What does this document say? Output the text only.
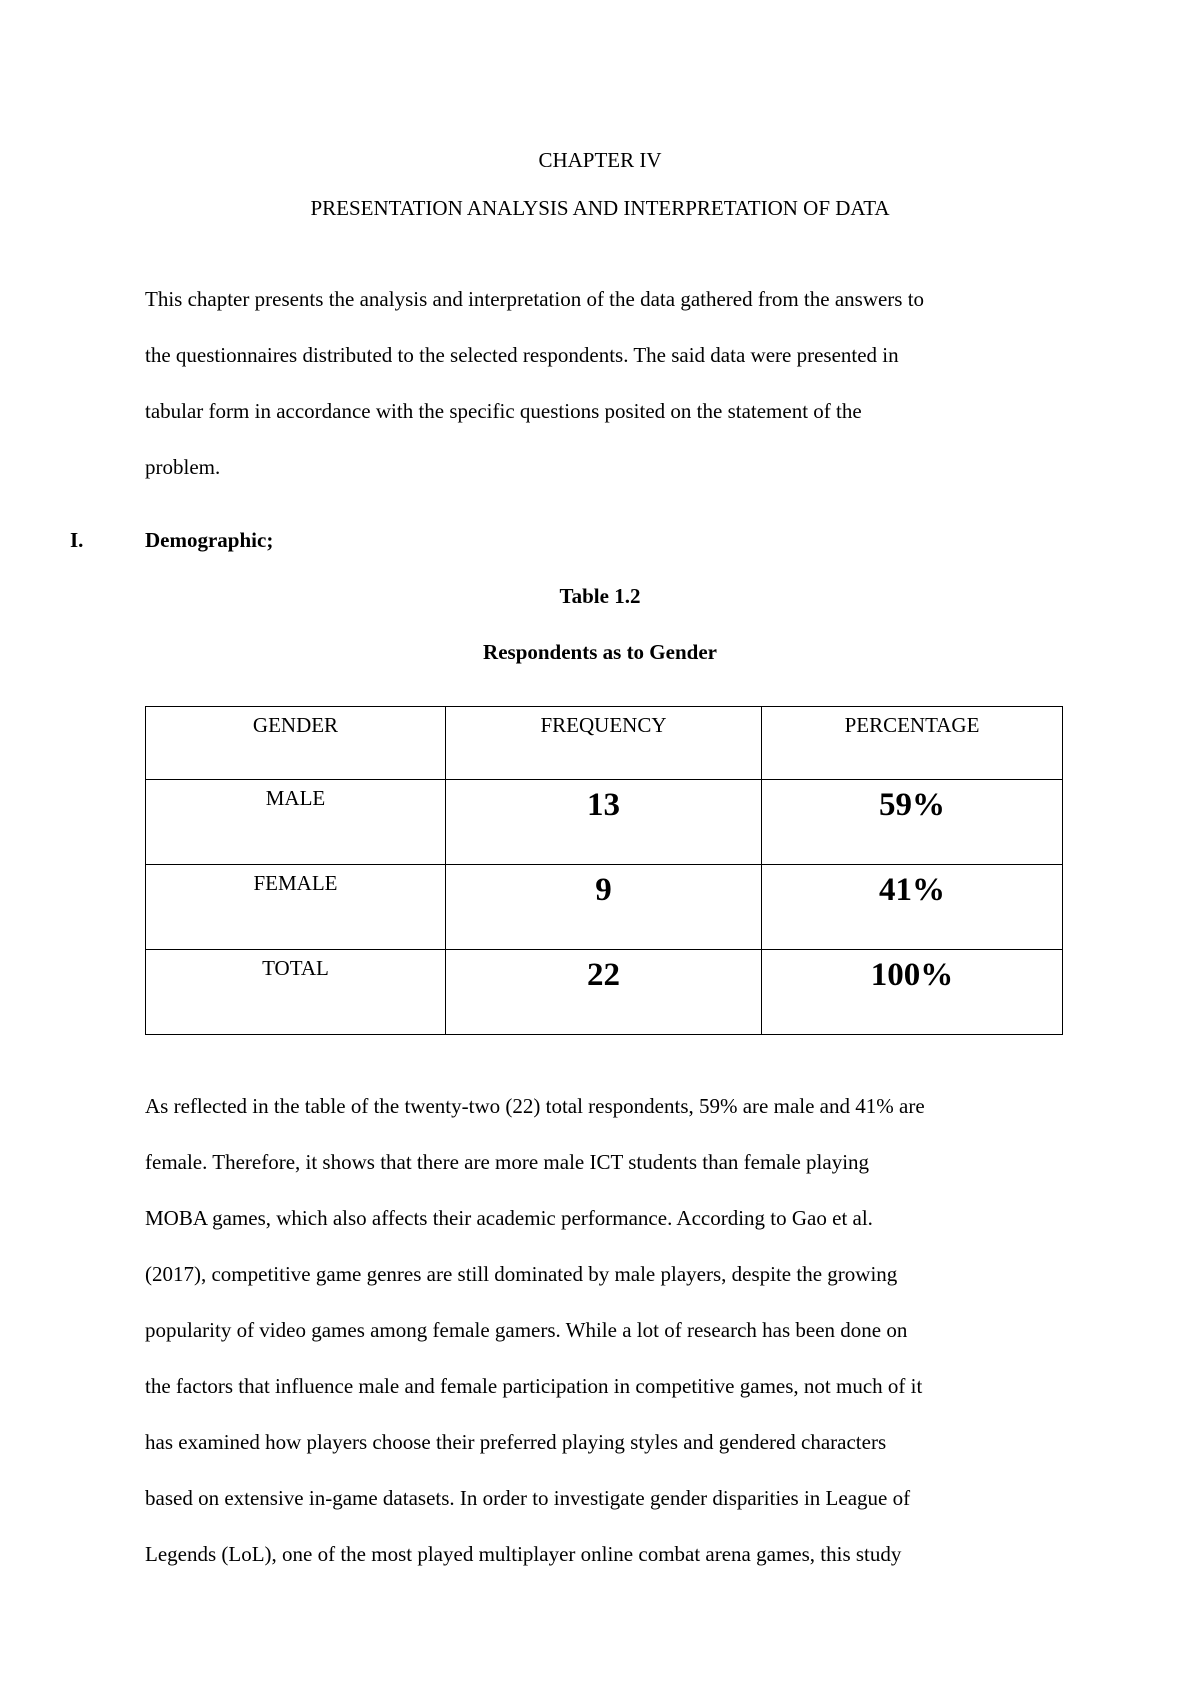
CHAPTER IV
PRESENTATION ANALYSIS AND INTERPRETATION OF DATA
This chapter presents the analysis and interpretation of the data gathered from the answers to
the questionnaires distributed to the selected respondents. The said data were presented in
tabular form in accordance with the specific questions posited on the statement of the
problem.
I.	Demographic;
Table 1.2
Respondents as to Gender
GENDER	FREQUENCY	PERCENTAGE

MALE	13	59%

FEMALE	9	41%

TOTAL	22	100%
As reflected in the table of the twenty-two (22) total respondents, 59% are male and 41% are
female. Therefore, it shows that there are more male ICT students than female playing
MOBA games, which also affects their academic performance. According to Gao et al.
(2017), competitive game genres are still dominated by male players, despite the growing
popularity of video games among female gamers. While a lot of research has been done on
the factors that influence male and female participation in competitive games, not much of it
has examined how players choose their preferred playing styles and gendered characters
based on extensive in-game datasets. In order to investigate gender disparities in League of
Legends (LoL), one of the most played multiplayer online combat arena games, this study
